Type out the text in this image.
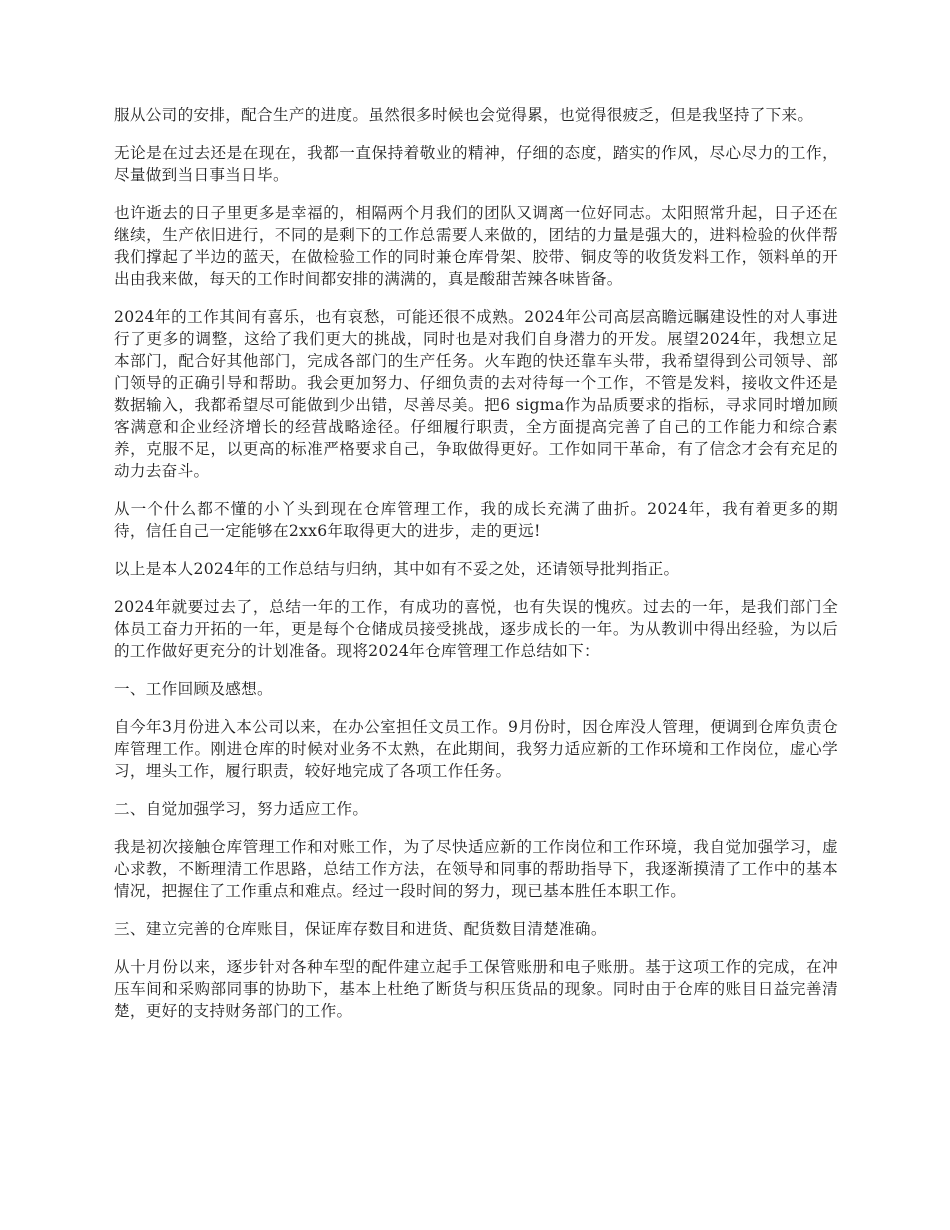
服从公司的安排，配合生产的进度。虽然很多时候也会觉得累，也觉得很疲乏，但是我坚持了下来。

无论是在过去还是在现在，我都一直保持着敬业的精神，仔细的态度，踏实的作风，尽心尽力的工作，尽量做到当日事当日毕。

也许逝去的日子里更多是幸福的，相隔两个月我们的团队又调离一位好同志。太阳照常升起，日子还在继续，生产依旧进行，不同的是剩下的工作总需要人来做的，团结的力量是强大的，进料检验的伙伴帮我们撑起了半边的蓝天，在做检验工作的同时兼仓库骨架、胶带、铜皮等的收货发料工作，领料单的开出由我来做，每天的工作时间都安排的满满的，真是酸甜苦辣各味皆备。

2024年的工作其间有喜乐，也有哀愁，可能还很不成熟。2024年公司高层高瞻远瞩建设性的对人事进行了更多的调整，这给了我们更大的挑战，同时也是对我们自身潜力的开发。展望2024年，我想立足本部门，配合好其他部门，完成各部门的生产任务。火车跑的快还靠车头带，我希望得到公司领导、部门领导的正确引导和帮助。我会更加努力、仔细负责的去对待每一个工作，不管是发料，接收文件还是数据输入，我都希望尽可能做到少出错，尽善尽美。把6 sigma作为品质要求的指标，寻求同时增加顾客满意和企业经济增长的经营战略途径。仔细履行职责，全方面提高完善了自己的工作能力和综合素养，克服不足，以更高的标准严格要求自己，争取做得更好。工作如同干革命，有了信念才会有充足的动力去奋斗。

从一个什么都不懂的小丫头到现在仓库管理工作，我的成长充满了曲折。2024年，我有着更多的期待，信任自己一定能够在2xx6年取得更大的进步，走的更远!

以上是本人2024年的工作总结与归纳，其中如有不妥之处，还请领导批判指正。

2024年就要过去了，总结一年的工作，有成功的喜悦，也有失误的愧疚。过去的一年，是我们部门全体员工奋力开拓的一年，更是每个仓储成员接受挑战，逐步成长的一年。为从教训中得出经验，为以后的工作做好更充分的计划准备。现将2024年仓库管理工作总结如下：

一、工作回顾及感想。

自今年3月份进入本公司以来，在办公室担任文员工作。9月份时，因仓库没人管理，便调到仓库负责仓库管理工作。刚进仓库的时候对业务不太熟，在此期间，我努力适应新的工作环境和工作岗位，虚心学习，埋头工作，履行职责，较好地完成了各项工作任务。

二、自觉加强学习，努力适应工作。

我是初次接触仓库管理工作和对账工作，为了尽快适应新的工作岗位和工作环境，我自觉加强学习，虚心求教，不断理清工作思路，总结工作方法，在领导和同事的帮助指导下，我逐渐摸清了工作中的基本情况，把握住了工作重点和难点。经过一段时间的努力，现已基本胜任本职工作。

三、建立完善的仓库账目，保证库存数目和进货、配货数目清楚准确。

从十月份以来，逐步针对各种车型的配件建立起手工保管账册和电子账册。基于这项工作的完成，在冲压车间和采购部同事的协助下，基本上杜绝了断货与积压货品的现象。同时由于仓库的账目日益完善清楚，更好的支持财务部门的工作。
